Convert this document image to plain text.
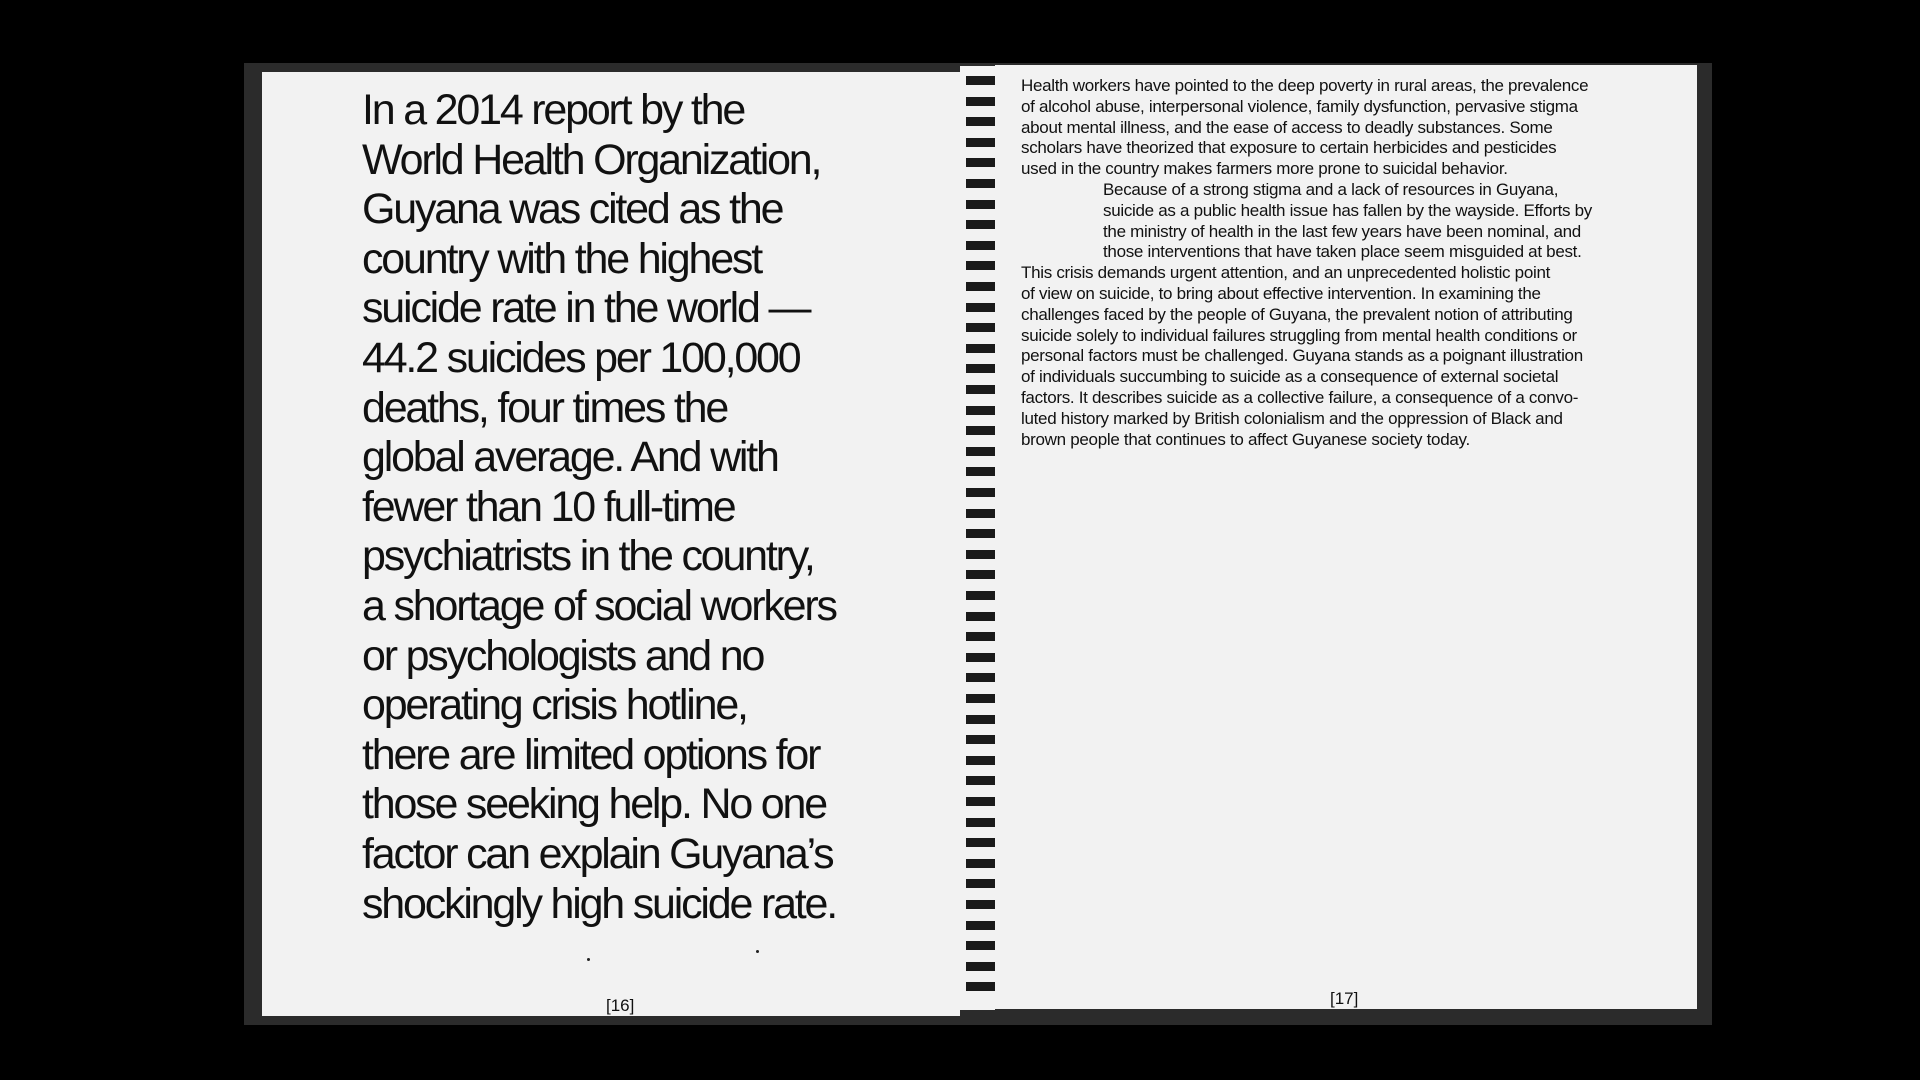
In a 2014 report by the
World Health Organization,
Guyana was cited as the
country with the highest
suicide rate in the world —
44.2 suicides per 100,000
deaths, four times the
global average. And with
fewer than 10 full-time
psychiatrists in the country,
a shortage of social workers
or psychologists and no
operating crisis hotline,
there are limited options for
those seeking help. No one
factor can explain Guyana’s
shockingly high suicide rate.

[16]

Health workers have pointed to the deep poverty in rural areas, the prevalence
of alcohol abuse, interpersonal violence, family dysfunction, pervasive stigma
about mental illness, and the ease of access to deadly substances. Some
scholars have theorized that exposure to certain herbicides and pesticides
used in the country makes farmers more prone to suicidal behavior.
Because of a strong stigma and a lack of resources in Guyana,
suicide as a public health issue has fallen by the wayside. Efforts by
the ministry of health in the last few years have been nominal, and
those interventions that have taken place seem misguided at best.
This crisis demands urgent attention, and an unprecedented holistic point
of view on suicide, to bring about effective intervention. In examining the
challenges faced by the people of Guyana, the prevalent notion of attributing
suicide solely to individual failures struggling from mental health conditions or
personal factors must be challenged. Guyana stands as a poignant illustration
of individuals succumbing to suicide as a consequence of external societal
factors. It describes suicide as a collective failure, a consequence of a convo-
luted history marked by British colonialism and the oppression of Black and
brown people that continues to affect Guyanese society today.

[17]
